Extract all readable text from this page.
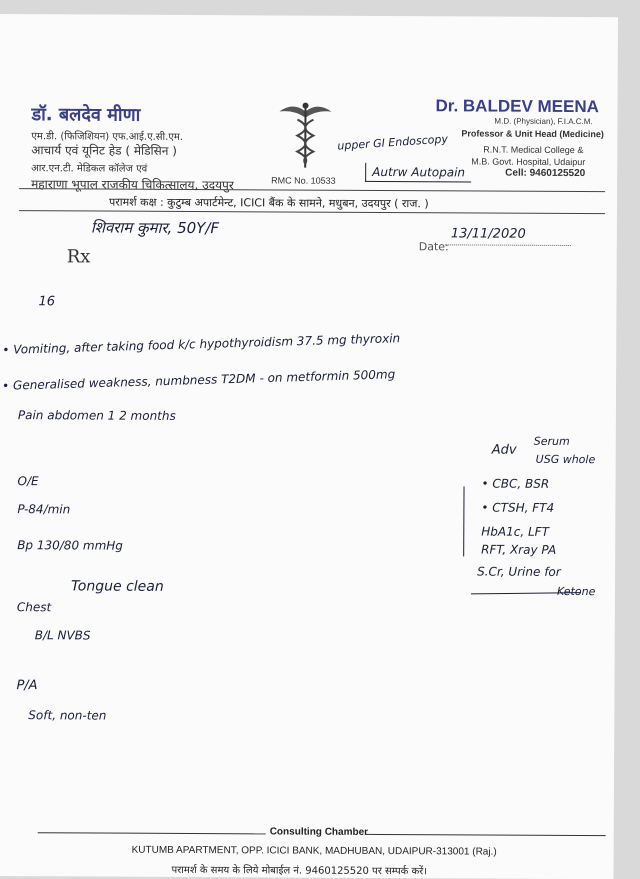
डॉ. बलदेव मीणा
एम.डी. (फिजिशियन) एफ.आई.ए.सी.एम.
आचार्य एवं यूनिट हेड ( मेडिसिन )
आर.एन.टी. मेडिकल कॉलेज एवं
महाराणा भूपाल राजकीय चिकित्सालय, उदयपुर	RMC No. 10533
Dr. BALDEV MEENA
M.D. (Physician), F.I.A.C.M.
Professor & Unit Head (Medicine)
R.N.T. Medical College &
M.B. Govt. Hospital, Udaipur
Cell: 9460125520
upper GI Endoscopy
Autrw Autopain
परामर्श कक्ष : कुटुम्ब अपार्टमेन्ट, ICICI बैंक के सामने, मधुबन, उदयपुर ( राज. )
शिवराम कुमार, 50Y/F
Date:
13/11/2020
Rx
16
• Vomiting, after taking food k/c hypothyroidism 37.5 mg thyroxin
• Generalised weakness, numbness T2DM - on metformin 500mg
Pain abdomen 1 2 months
O/E
P-84/min
Bp 130/80 mmHg
Tongue clean
Chest
B/L NVBS
P/A
Soft, non-ten
Adv
Serum
USG whole
• CBC, BSR
• CTSH, FT4
HbA1c, LFT
RFT, Xray PA
S.Cr, Urine for
Ketone
Consulting Chamber
KUTUMB APARTMENT, OPP. ICICI BANK, MADHUBAN, UDAIPUR-313001 (Raj.)
परामर्श के समय के लिये मोबाईल नं. 9460125520 पर सम्पर्क करें।
